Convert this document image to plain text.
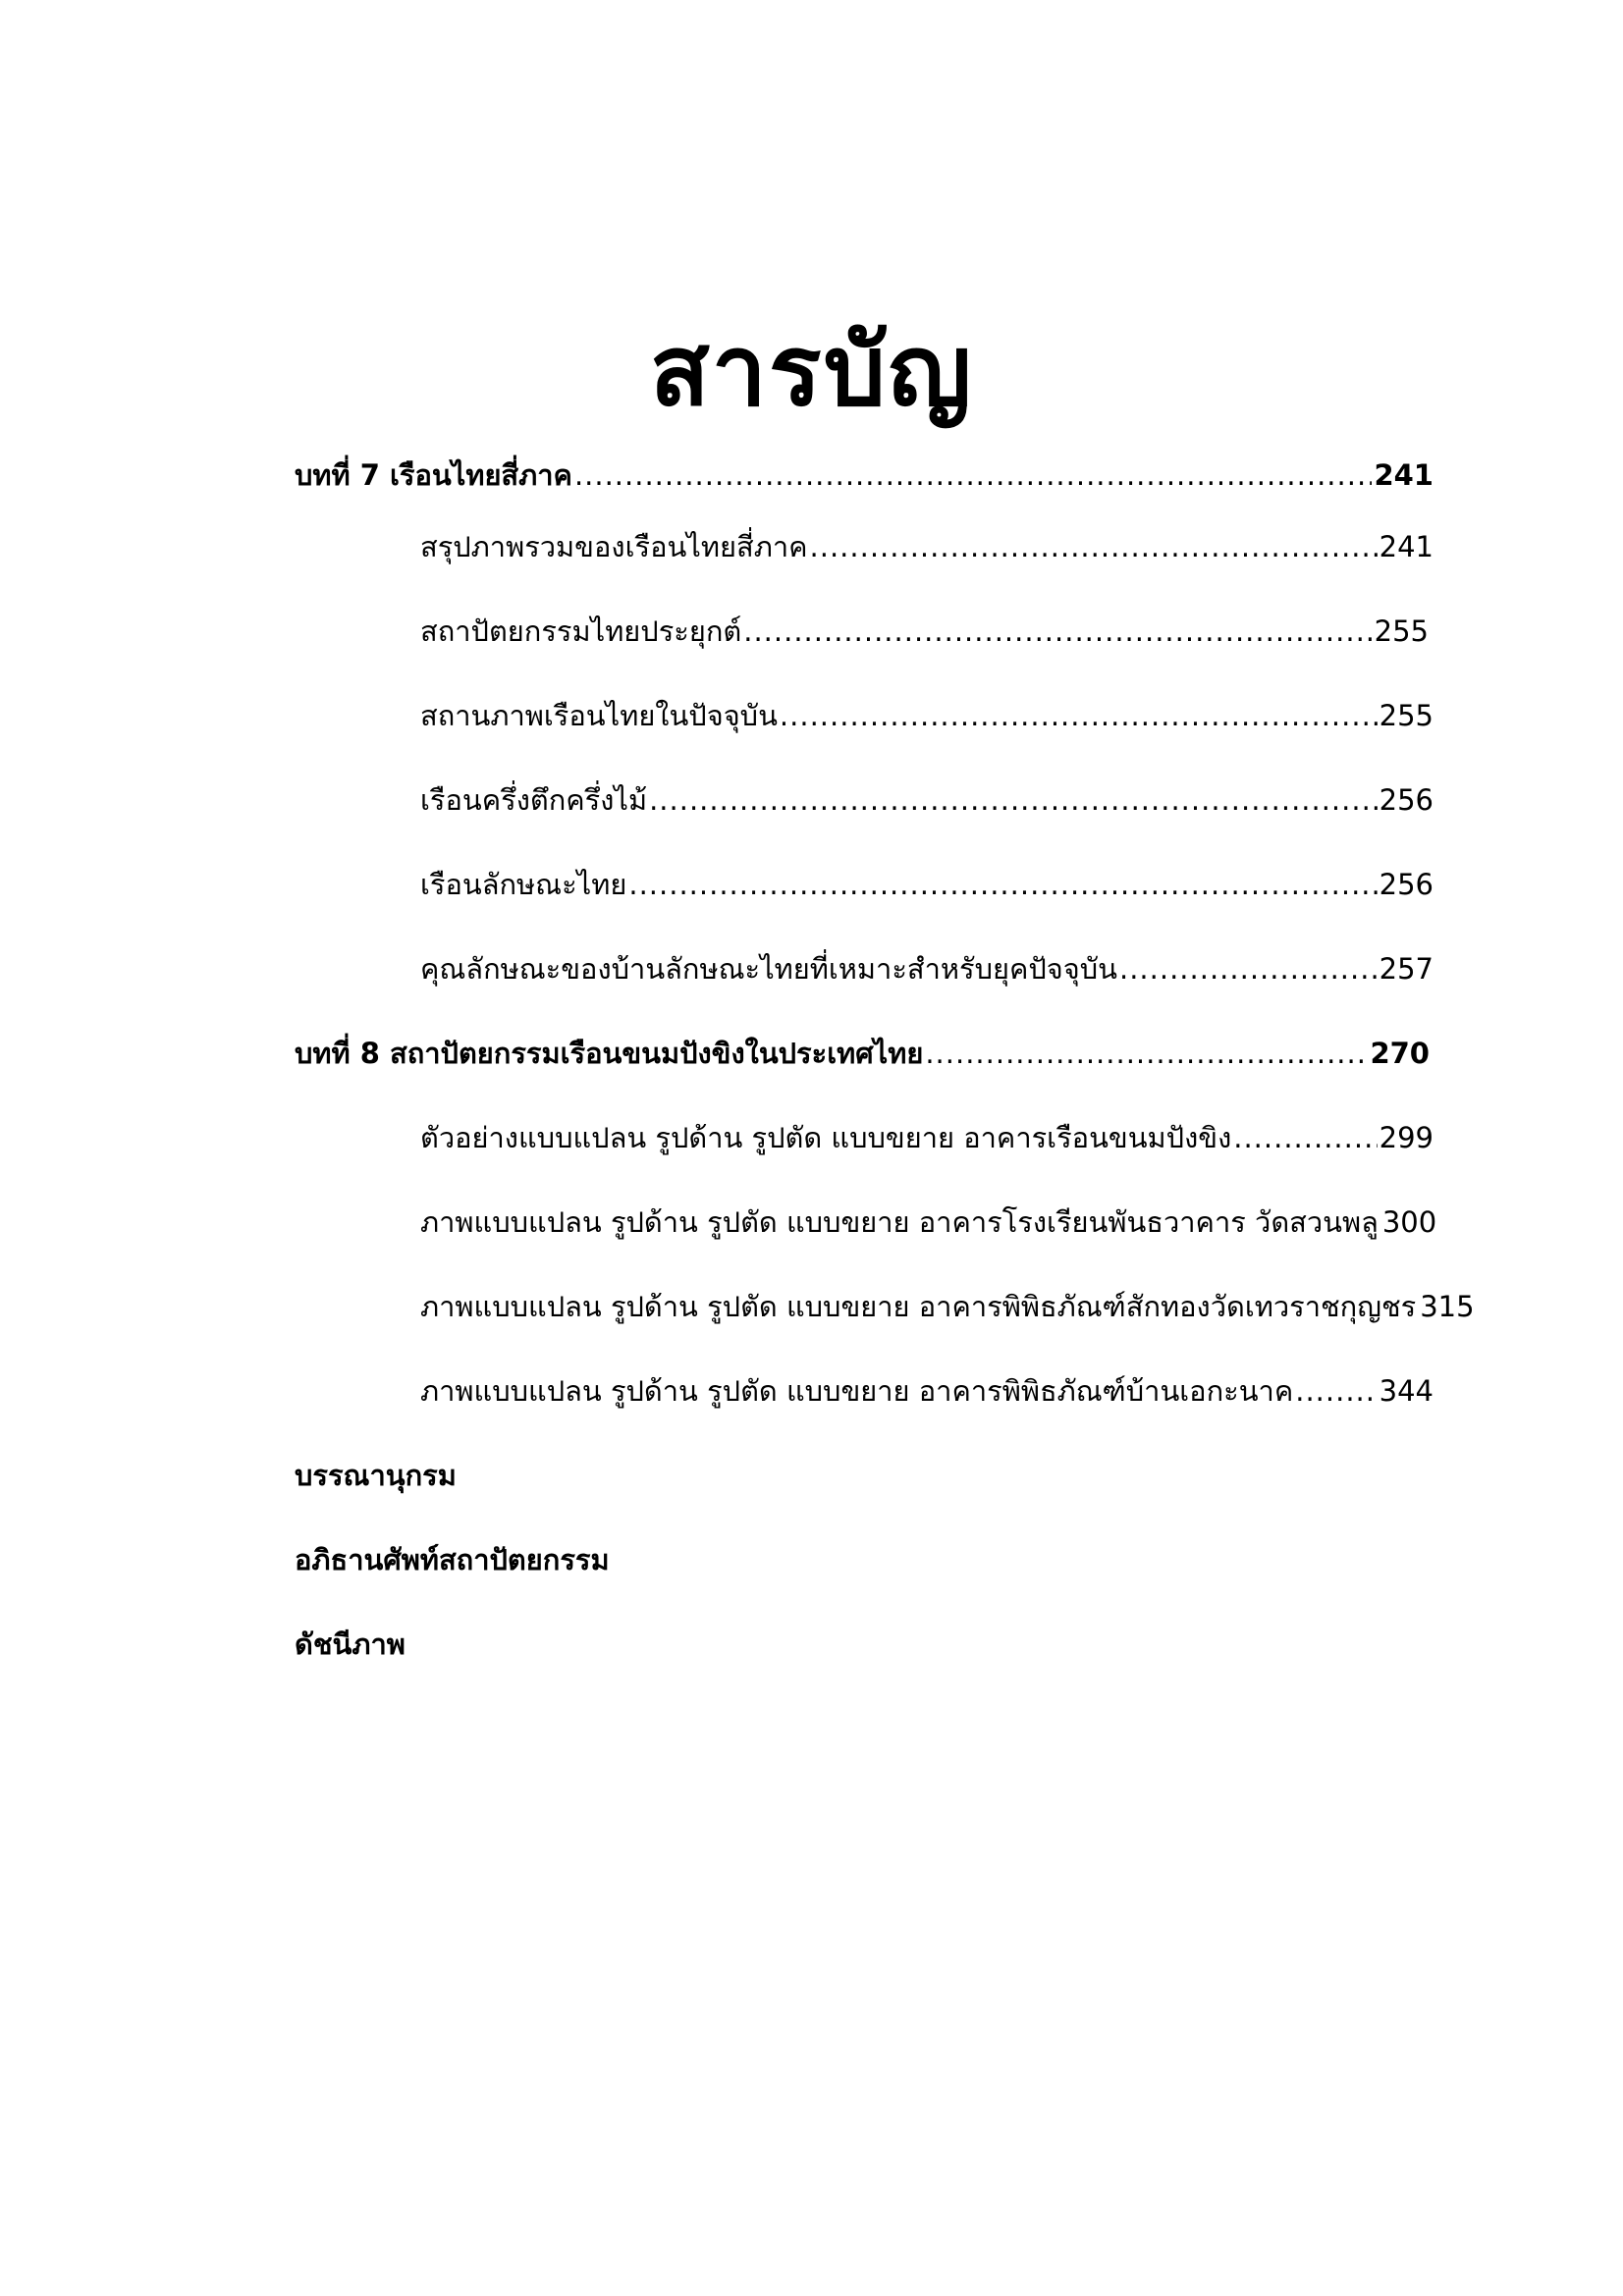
สารบัญ
บทที่ 7 เรือนไทยสี่ภาค .....	241
สรุปภาพรวมของเรือนไทยสี่ภาค .....	241
สถาปัตยกรรมไทยประยุกต์ .....	255
สถานภาพเรือนไทยในปัจจุบัน .....	255
เรือนครึ่งตึกครึ่งไม้ .....	256
เรือนลักษณะไทย .....	256
คุณลักษณะของบ้านลักษณะไทยที่เหมาะสำหรับยุคปัจจุบัน .....	257
บทที่ 8 สถาปัตยกรรมเรือนขนมปังขิงในประเทศไทย .....	270
ตัวอย่างแบบแปลน รูปด้าน รูปตัด แบบขยาย อาคารเรือนขนมปังขิง .....	299
ภาพแบบแปลน รูปด้าน รูปตัด แบบขยาย อาคารโรงเรียนพันธวาคาร วัดสวนพลู 300
ภาพแบบแปลน รูปด้าน รูปตัด แบบขยาย อาคารพิพิธภัณฑ์สักทองวัดเทวราชกุญชร 315
ภาพแบบแปลน รูปด้าน รูปตัด แบบขยาย อาคารพิพิธภัณฑ์บ้านเอกะนาค .....	344
บรรณานุกรม
อภิธานศัพท์สถาปัตยกรรม
ดัชนีภาพ
